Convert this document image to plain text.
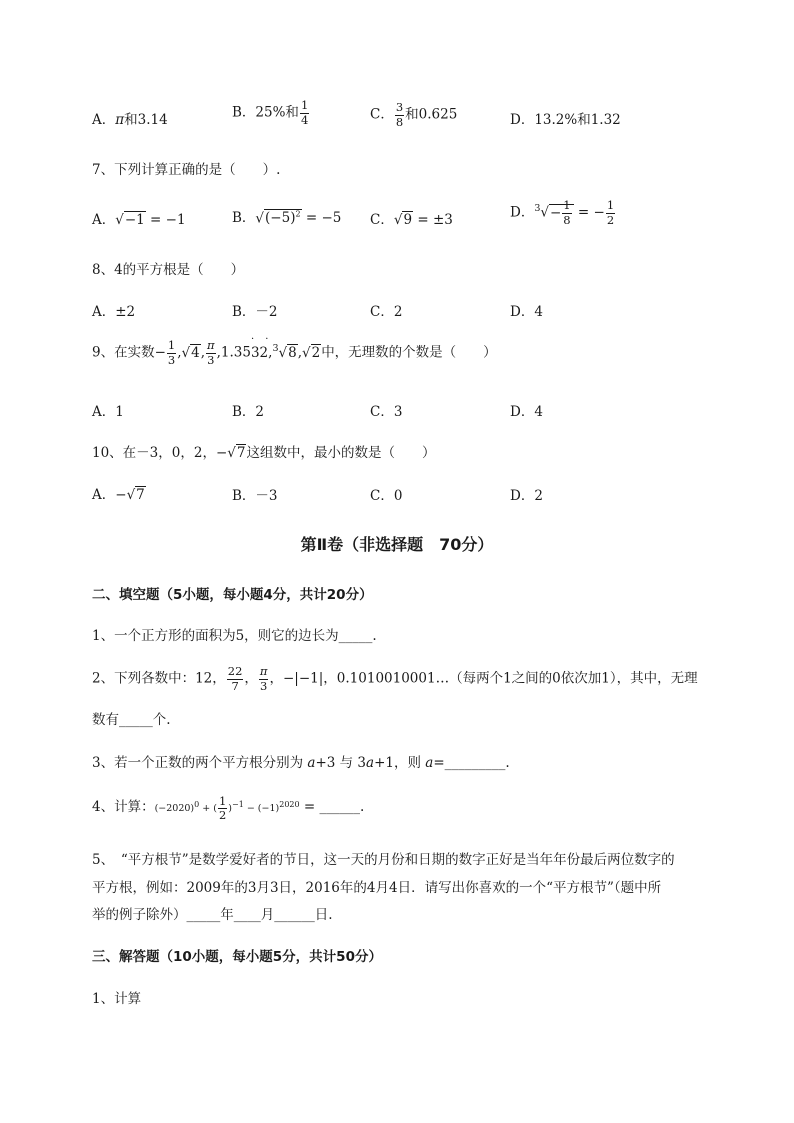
A．π和3.14	B．25%和 $\frac{1}{4}$	C． $\frac{3}{8}$ 和0.625	D．13.2%和1.32
7、下列计算正确的是（　　）.
A．√−1 = −1	B．$√(-5)^2 = -5$ C．√9 = ±3	D．$^3√- \frac{1}{8}$ = − $\frac{1}{2}$
8、4的平方根是（　　）
A．±2	B．－2	C．2	D．4
9、在实数− $\frac{1}{3} ,√4$, $\frac{\pi}{3} ,1.35$
· ·
32,$^3$√8,√2中，无理数的个数是（　　）
A．1	B．2	C．3	D．4
10、在－3，0，2，−√7这组数中，最小的数是（　　）
A．−√7	B．－3	C．0	D．2
第Ⅱ卷（非选择题　70分）
二、填空题（5小题，每小题4分，共计20分）
1、一个正方形的面积为5，则它的边长为_____.
2、下列各数中：12， $\frac{22}{7}$ ， $\frac{\pi}{3}$ ，−|−1|，0.1010010001…（每两个1之间的0依次加1），其中，无理
数有_____个.
3、若一个正数的两个平方根分别为 a+3 与 3a+1，则 a=_________.
4、计算：$(-2020)^0$ + ( $\frac{1}{2} )^{-1} - (-1)^{2020}$ = ______.
5、　“平方根节”是数学爱好者的节日，这一天的月份和日期的数字正好是当年年份最后两位数字的
平方根，例如：2009年的3月3日，2016年的4月4日．请写出你喜欢的一个“平方根节”（题中所
举的例子除外）_____年____月______日.
三、解答题（10小题，每小题5分，共计50分）
1、计算
